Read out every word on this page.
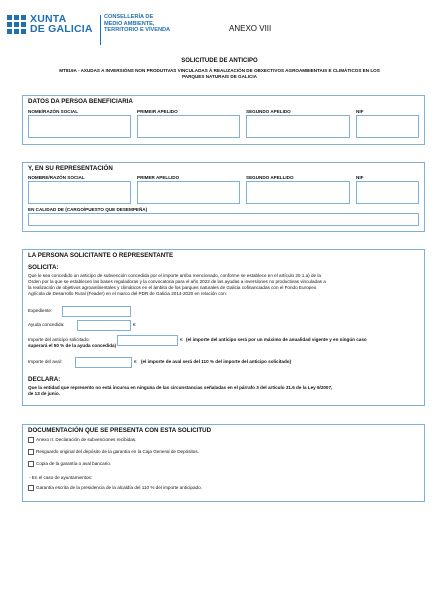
XUNTA
DE GALICIA
CONSELLERÍA DE
MEDIO AMBIENTE,
TERRITORIO E VIVENDA	ANEXO VIII
SOLICITUDE DE ANTICIPO
MT819A - AXUDAS A INVERSIÓNS NON PRODUTIVAS VINCULADAS Á REALIZACIÓN DE OBXECTIVOS AGROAMBIENTAIS E CLIMÁTICOS EN LOS
PARQUES NATURAIS DE GALICIA
DATOS DA PERSOA BENEFICIARIA
NOME/RAZÓN SOCIAL	PRIMEIR APELIDO	SEGUNDO APELIDO	NIF
Y, EN SU REPRESENTACIÓN
NOMBRE/RAZÓN SOCIAL	PRIMER APELLIDO	SEGUNDO APELLIDO	NIF
EN CALIDAD DE (CARGO/PUESTO QUE DESEMPEÑA)
LA PERSONA SOLICITANTE O REPRESENTANTE
SOLICITA:
Que le sea concedido un anticipo de subvención concedida por el importe arriba mencionado, conforme se establece en el artículo 20.1.a) de la
Orden por la que se establecen las bases reguladoras y la convocatoria para el año 2022 de las ayudas a inversiones no productivas vinculadas a
la realización de objetivos agroambientales y climáticos en el ámbito de los parques naturales de Galicia cofinanciadas con el Fondo Europeo
Agrícola de Desarrollo Rural (Feader) en el marco del PDR de Galicia 2014-2020 en relación con:
Expediente:
Ayuda concedida:	€
Importe del anticipo solicitado:	€ (el importe del anticipo será por un máximo de anualidad vigente y en ningún caso
superará el 50 % de la ayuda concedida)
Importe del aval:	€ (el importe de aval será del 110 % del importe del anticipo solicitado)
DECLARA:
Que la entidad que represento no está incursa en ninguna de las circunstancias señaladas en el párrafo 3 del artículo 31.6 de la Ley 9/2007,
de 13 de junio.
DOCUMENTACIÓN QUE SE PRESENTA CON ESTA SOLICITUD
Anexo II. Declaración de subvenciones recibidas.
Resguardo original del depósito de la garantía en la Caja General de Depósitos.
Copia de la garantía o aval bancario.
- En el caso de ayuntamientos:
Garantía escrita de la presidencia de la alcaldía del 110 % del importe anticipado.
